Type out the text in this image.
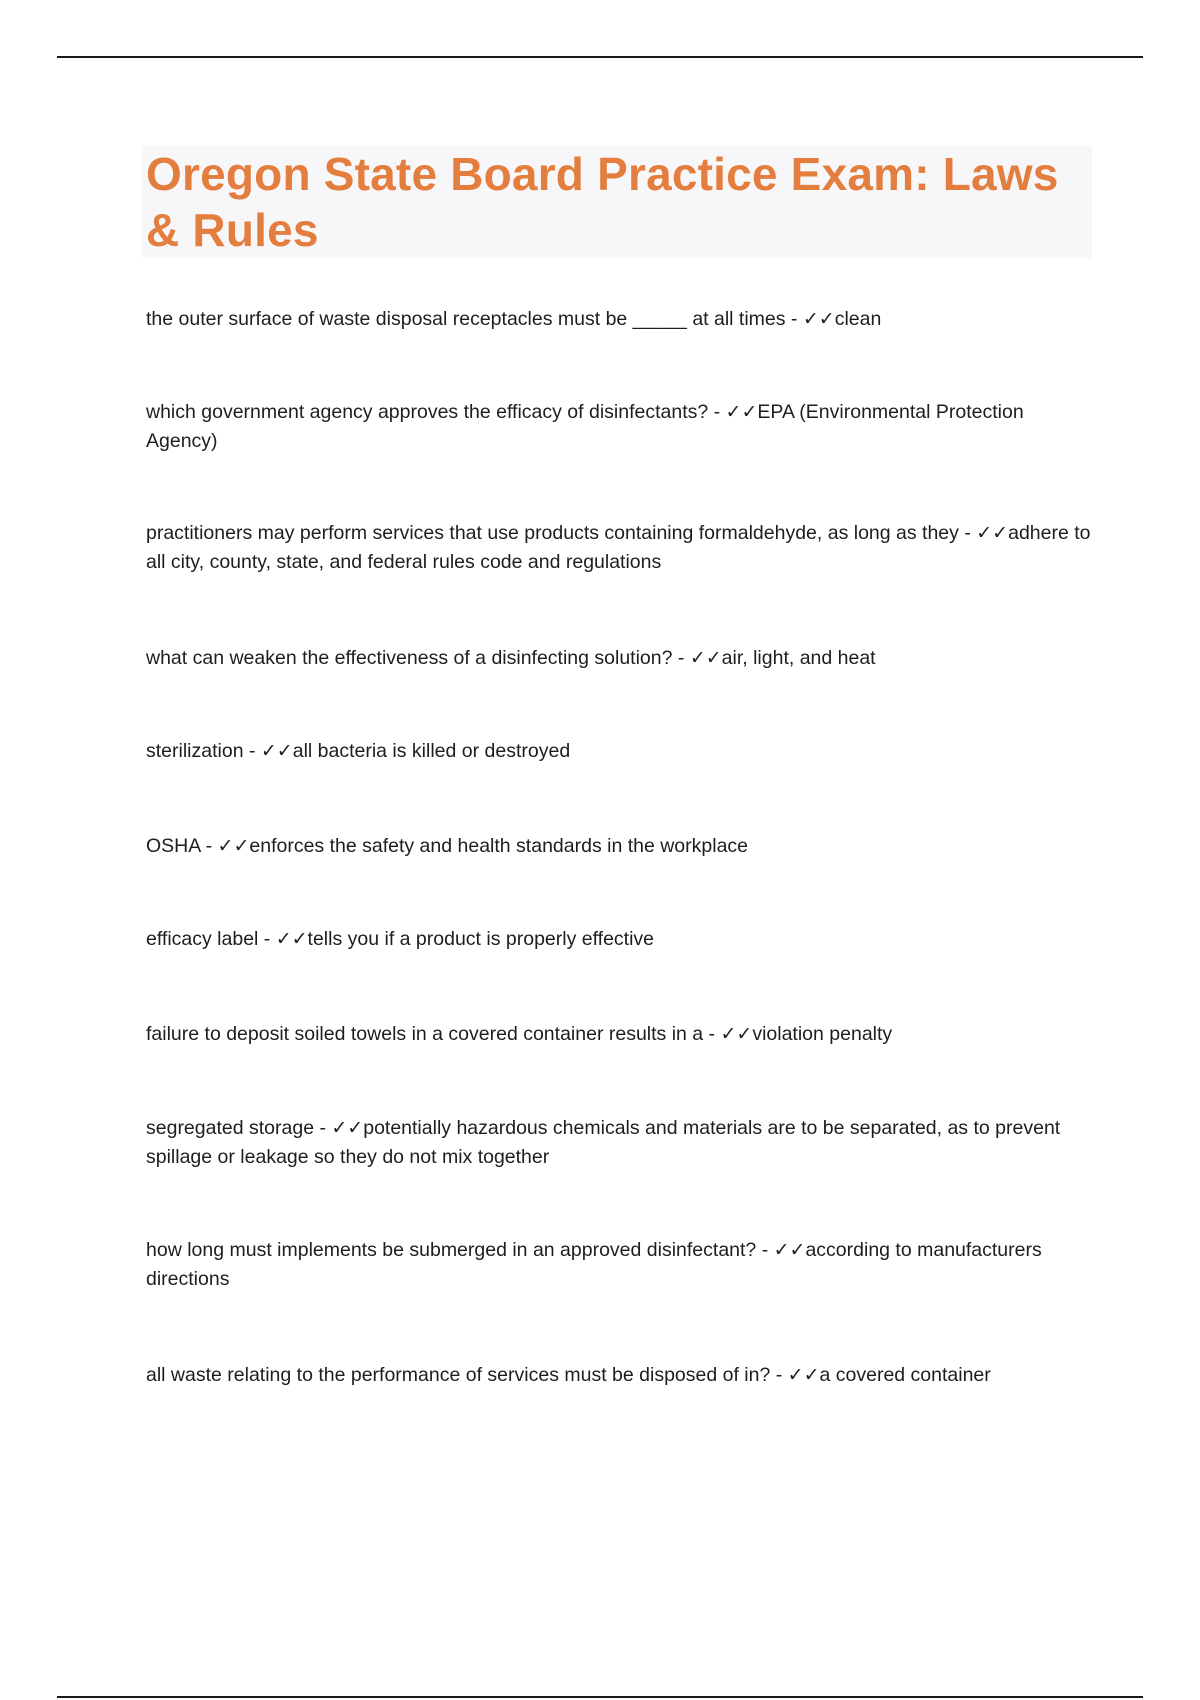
Oregon State Board Practice Exam: Laws & Rules
the outer surface of waste disposal receptacles must be _____ at all times - ✓✓clean
which government agency approves the efficacy of disinfectants? - ✓✓EPA (Environmental Protection Agency)
practitioners may perform services that use products containing formaldehyde, as long as they - ✓✓adhere to all city, county, state, and federal rules code and regulations
what can weaken the effectiveness of a disinfecting solution? - ✓✓air, light, and heat
sterilization - ✓✓all bacteria is killed or destroyed
OSHA - ✓✓enforces the safety and health standards in the workplace
efficacy label - ✓✓tells you if a product is properly effective
failure to deposit soiled towels in a covered container results in a - ✓✓violation penalty
segregated storage - ✓✓potentially hazardous chemicals and materials are to be separated, as to prevent spillage or leakage so they do not mix together
how long must implements be submerged in an approved disinfectant? - ✓✓according to manufacturers directions
all waste relating to the performance of services must be disposed of in? - ✓✓a covered container
